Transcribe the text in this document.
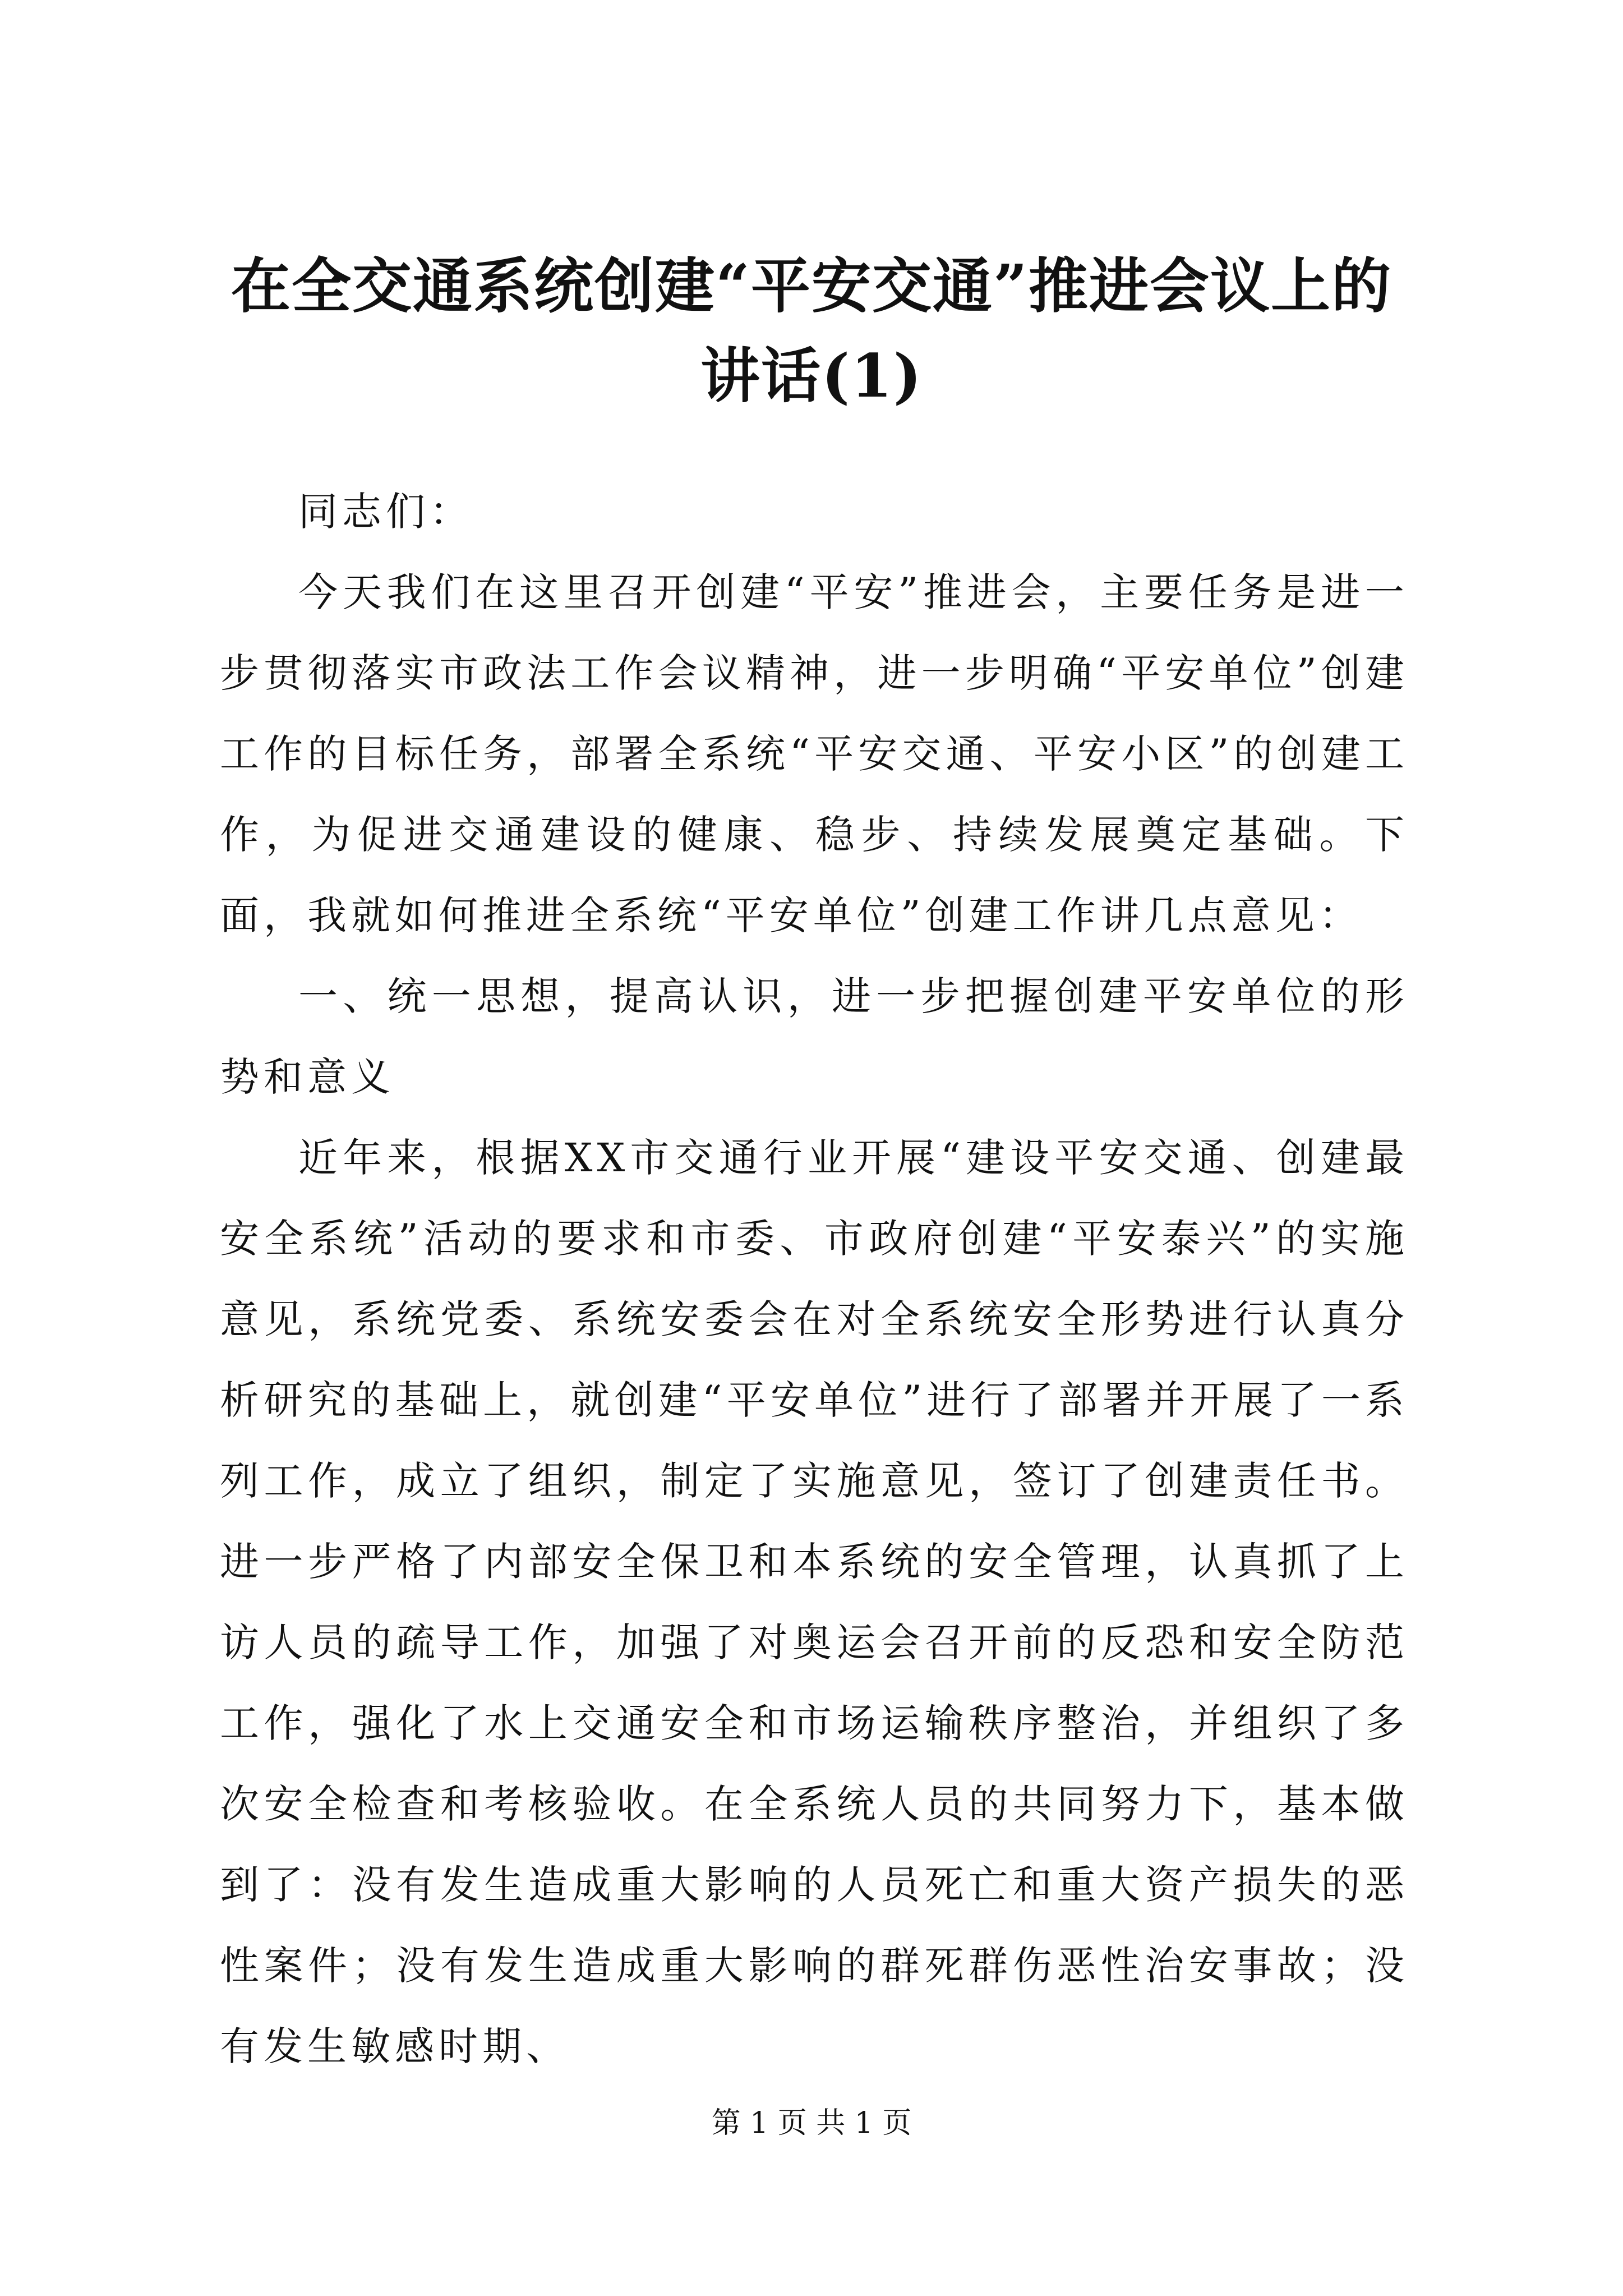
在全交通系统创建“平安交通”推进会议上的
讲话(1)

同志们：

今天我们在这里召开创建“平安”推进会，主要任务是进一步贯彻落实市政法工作会议精神，进一步明确“平安单位”创建工作的目标任务，部署全系统“平安交通、平安小区”的创建工作，为促进交通建设的健康、稳步、持续发展奠定基础。下面，我就如何推进全系统“平安单位”创建工作讲几点意见：

一、统一思想，提高认识，进一步把握创建平安单位的形势和意义

近年来，根据XX市交通行业开展“建设平安交通、创建最安全系统”活动的要求和市委、市政府创建“平安泰兴”的实施意见，系统党委、系统安委会在对全系统安全形势进行认真分析研究的基础上，就创建“平安单位”进行了部署并开展了一系列工作，成立了组织，制定了实施意见，签订了创建责任书。进一步严格了内部安全保卫和本系统的安全管理，认真抓了上访人员的疏导工作，加强了对奥运会召开前的反恐和安全防范工作，强化了水上交通安全和市场运输秩序整治，并组织了多次安全检查和考核验收。在全系统人员的共同努力下，基本做到了：没有发生造成重大影响的人员死亡和重大资产损失的恶性案件；没有发生造成重大影响的群死群伤恶性治安事故；没有发生敏感时期、

第 1 页 共 1 页
